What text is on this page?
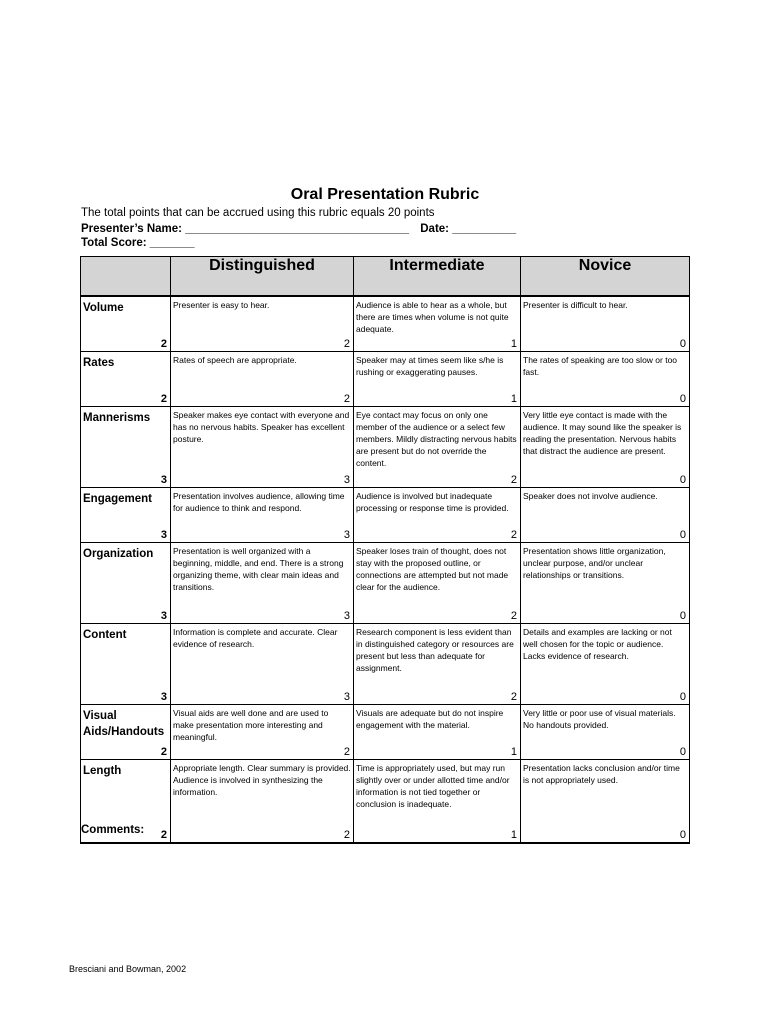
Oral Presentation Rubric
The total points that can be accrued using this rubric equals 20 points
Presenter’s Name: ___________________________________ Date: __________
Total Score: _______
	Distinguished	Intermediate	Novice
Volume	Presenter is easy to hear.	Audience is able to hear as a whole, but there are times when volume is not quite adequate.	Presenter is difficult to hear.
2	2	1	0
Rates	Rates of speech are appropriate.	Speaker may at times seem like s/he is rushing or exaggerating pauses.	The rates of speaking are too slow or too fast.
2	2	1	0
Mannerisms	Speaker makes eye contact with everyone and has no nervous habits. Speaker has excellent posture.	Eye contact may focus on only one member of the audience or a select few members. Mildly distracting nervous habits are present but do not override the content.	Very little eye contact is made with the audience. It may sound like the speaker is reading the presentation. Nervous habits that distract the audience are present.
3	3	2	0
Engagement	Presentation involves audience, allowing time for audience to think and respond.	Audience is involved but inadequate processing or response time is provided.	Speaker does not involve audience.
3	3	2	0
Organization	Presentation is well organized with a beginning, middle, and end. There is a strong organizing theme, with clear main ideas and transitions.	Speaker loses train of thought, does not stay with the proposed outline, or connections are attempted but not made clear for the audience.	Presentation shows little organization, unclear purpose, and/or unclear relationships or transitions.
3	3	2	0
Content	Information is complete and accurate. Clear evidence of research.	Research component is less evident than in distinguished category or resources are present but less than adequate for assignment.	Details and examples are lacking or not well chosen for the topic or audience. Lacks evidence of research.
3	3	2	0
Visual Aids/Handouts	Visual aids are well done and are used to make presentation more interesting and meaningful.	Visuals are adequate but do not inspire engagement with the material.	Very little or poor use of visual materials. No handouts provided.
2	2	1	0
Length	Appropriate length. Clear summary is provided. Audience is involved in synthesizing the information.	Time is appropriately used, but may run slightly over or under allotted time and/or information is not tied together or conclusion is inadequate.	Presentation lacks conclusion and/or time is not appropriately used.
2	2	1	0
Comments:
Bresciani and Bowman, 2002
